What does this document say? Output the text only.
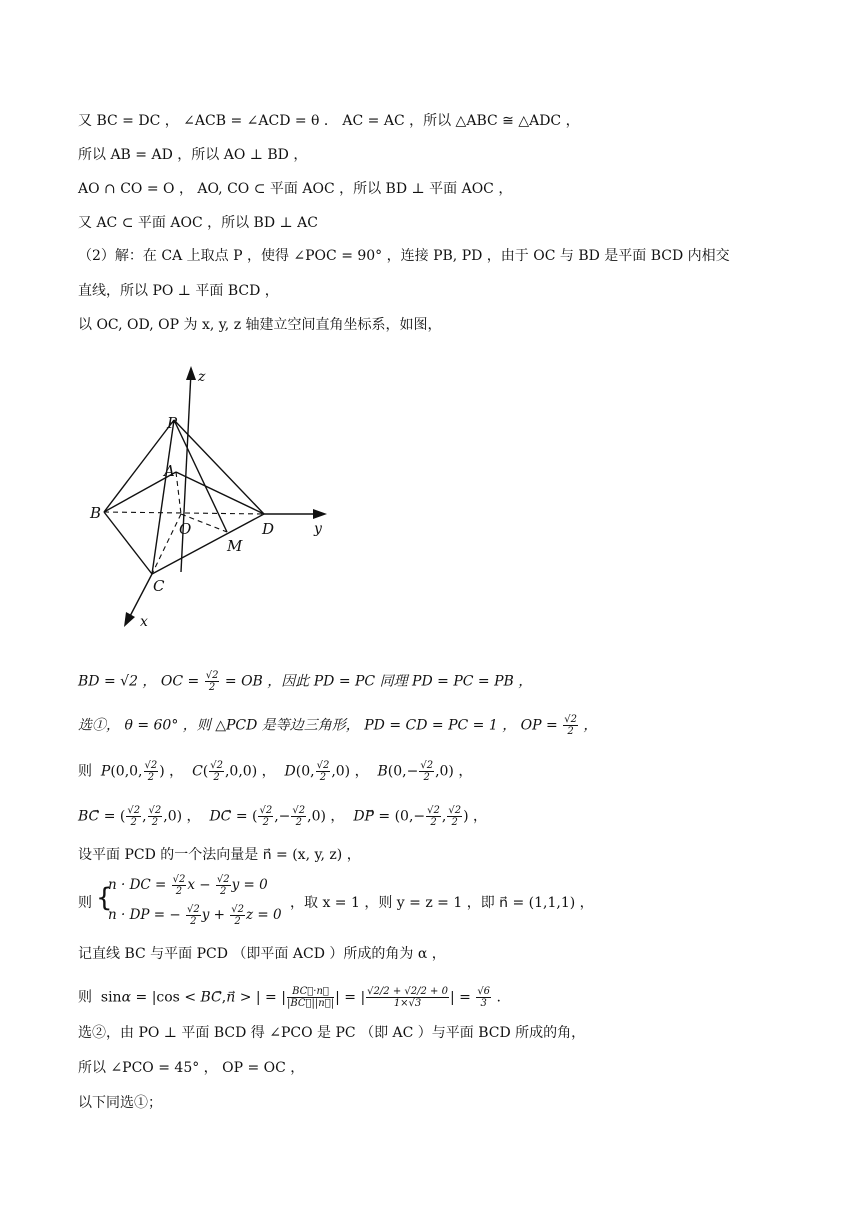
又 BC = DC ， ∠ACB = ∠ACD = θ ． AC = AC ，所以 △ABC ≅ △ADC ，
所以 AB = AD ，所以 AO ⊥ BD ，
AO ∩ CO = O ， AO, CO ⊂ 平面 AOC ，所以 BD ⊥ 平面 AOC ，
又 AC ⊂ 平面 AOC ，所以 BD ⊥ AC
（2）解：在 CA 上取点 P ，使得 ∠POC = 90° ，连接 PB, PD ，由于 OC 与 BD 是平面 BCD 内相交
直线，所以 PO ⊥ 平面 BCD ，
以 OC, OD, OP 为 x, y, z 轴建立空间直角坐标系，如图，
P
A
B
O
M
D
C
x
y
z
BD = √2 ， OC = $\frac{√2}{2}$ = OB ，因此 PD = PC 同理 PD = PC = PB ，
选①， θ = 60° ，则 △PCD 是等边三角形， PD = CD = PC = 1 ， OP = $\frac{√2}{2}$ ，
则  P(0,0, $\frac{√2}{2}$ ) ，  $C( \frac{√2}{2} ,0,0)$ ，  D(0, $\frac{√2}{2} ,0$) ，  $B(0,- \frac{√2}{2} ,0)$ ，
BC⃗ = ( $\frac{√2}{2}$ , $\frac{√2}{2} ,0$) ，  DC⃗ = ( $\frac{√2}{2}$ ,− $\frac{√2}{2} ,0$) ，  DP⃗ = ($0,- \frac{√2}{2}$ , $\frac{√2}{2}$ ) ，
设平面 PCD 的一个法向量是 n⃗ = (x, y, z) ，
则 {
n · DC = $\frac{√2}{2}$ $x - \frac{√2}{2}$ y = 0
n · DP = − $\frac{√2}{2}$ $y + \frac{√2}{2}$ z = 0
，取 x = 1 ，则 y = z = 1 ，即 n⃗ = (1,1,1) ，
记直线 BC 与平面 PCD （即平面 ACD ）所成的角为 α ，
则  sinα = |cos < BC⃗,n⃗ > | = | $\frac{BC⃗\cdot n}{|BC⃗||n⃗|}$ | = | $\frac{√2/2 + √2/2 + 0}{1\times√3}$ | = $\frac{√6}{3}$ .
选②，由 PO ⊥ 平面 BCD 得 ∠PCO 是 PC （即 AC ）与平面 BCD 所成的角，
所以 ∠PCO = 45° ， OP = OC ，
以下同选①；
